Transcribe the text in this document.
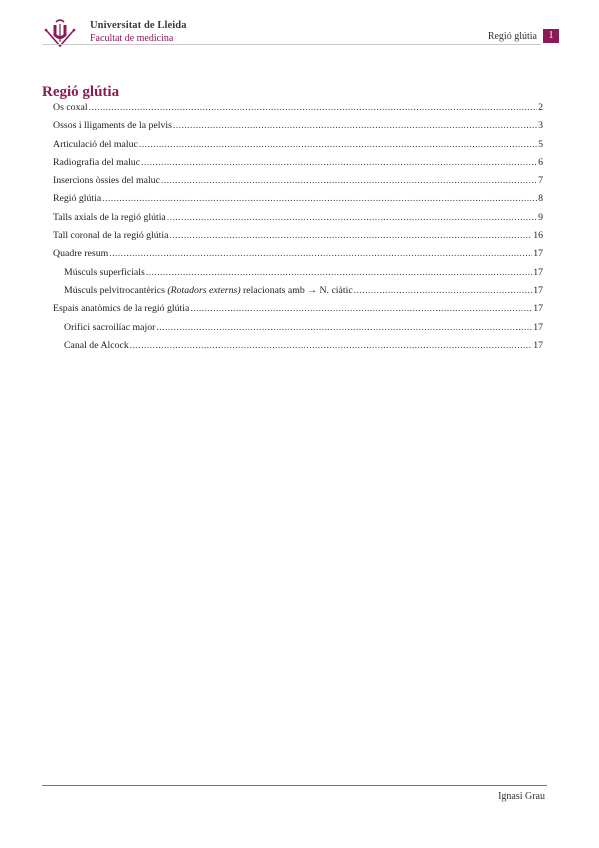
Universitat de Lleida
Facultat de medicina	Regió glútia	1
Regió glútia
Os coxal .....	2
Ossos i lligaments de la pelvis .....	3
Articulació del maluc .....	5
Radiografia del maluc .....	6
Insercions òssies del maluc .....	7
Regió glútia .....	8
Talls axials de la regió glútia .....	9
Tall coronal de la regió glútia .....	16
Quadre resum .....	17
Músculs superficials .....	17
Músculs pelvitrocantèrics (Rotadors externs) relacionats amb → N. ciàtic .....	17
Espais anatòmics de la regió glútia .....	17
Orifici sacroilíac major .....	17
Canal de Alcock .....	17
Ignasi Grau
